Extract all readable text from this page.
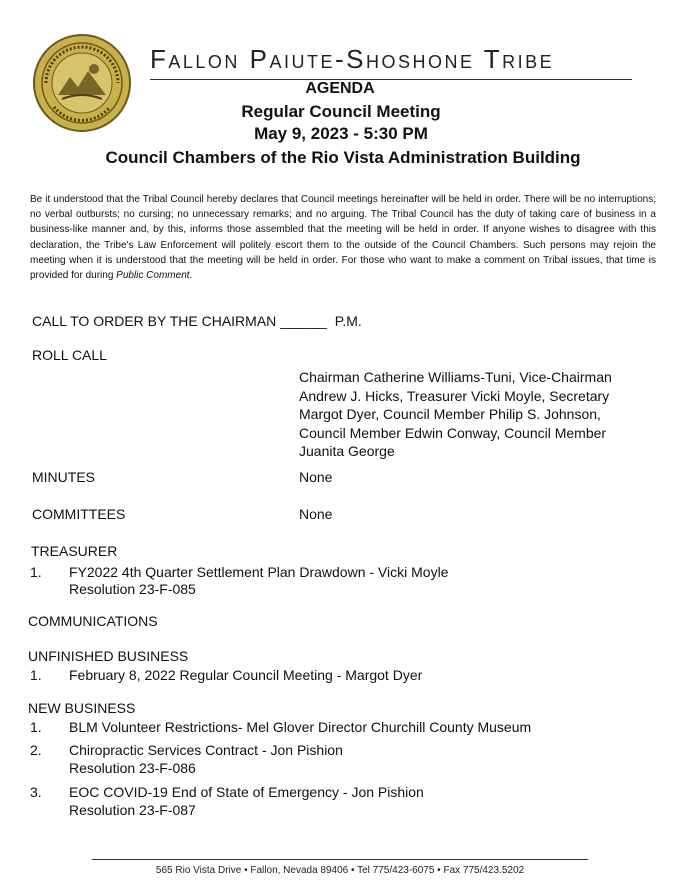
Fallon Paiute-Shoshone Tribe
AGENDA
Regular Council Meeting
May 9, 2023 - 5:30 PM
Council Chambers of the Rio Vista Administration Building
Be it understood that the Tribal Council hereby declares that Council meetings hereinafter will be held in order. There will be no interruptions; no verbal outbursts; no cursing; no unnecessary remarks; and no arguing. The Tribal Council has the duty of taking care of business in a business-like manner and, by this, informs those assembled that the meeting will be held in order. If anyone wishes to disagree with this declaration, the Tribe's Law Enforcement will politely escort them to the outside of the Council Chambers. Such persons may rejoin the meeting when it is understood that the meeting will be held in order. For those who want to make a comment on Tribal issues, that time is provided for during Public Comment.
CALL TO ORDER BY THE CHAIRMAN ______ P.M.
ROLL CALL
Chairman Catherine Williams-Tuni, Vice-Chairman Andrew J. Hicks, Treasurer Vicki Moyle, Secretary Margot Dyer, Council Member Philip S. Johnson, Council Member Edwin Conway, Council Member Juanita George
MINUTES	None
COMMITTEES	None
TREASURER
1. FY2022 4th Quarter Settlement Plan Drawdown - Vicki Moyle
Resolution 23-F-085
COMMUNICATIONS
UNFINISHED BUSINESS
1. February 8, 2022 Regular Council Meeting - Margot Dyer
NEW BUSINESS
1. BLM Volunteer Restrictions- Mel Glover Director Churchill County Museum
2. Chiropractic Services Contract - Jon Pishion
Resolution 23-F-086
3. EOC COVID-19 End of State of Emergency - Jon Pishion
Resolution 23-F-087
565 Rio Vista Drive • Fallon, Nevada 89406 • Tel 775/423-6075 • Fax 775/423.5202
